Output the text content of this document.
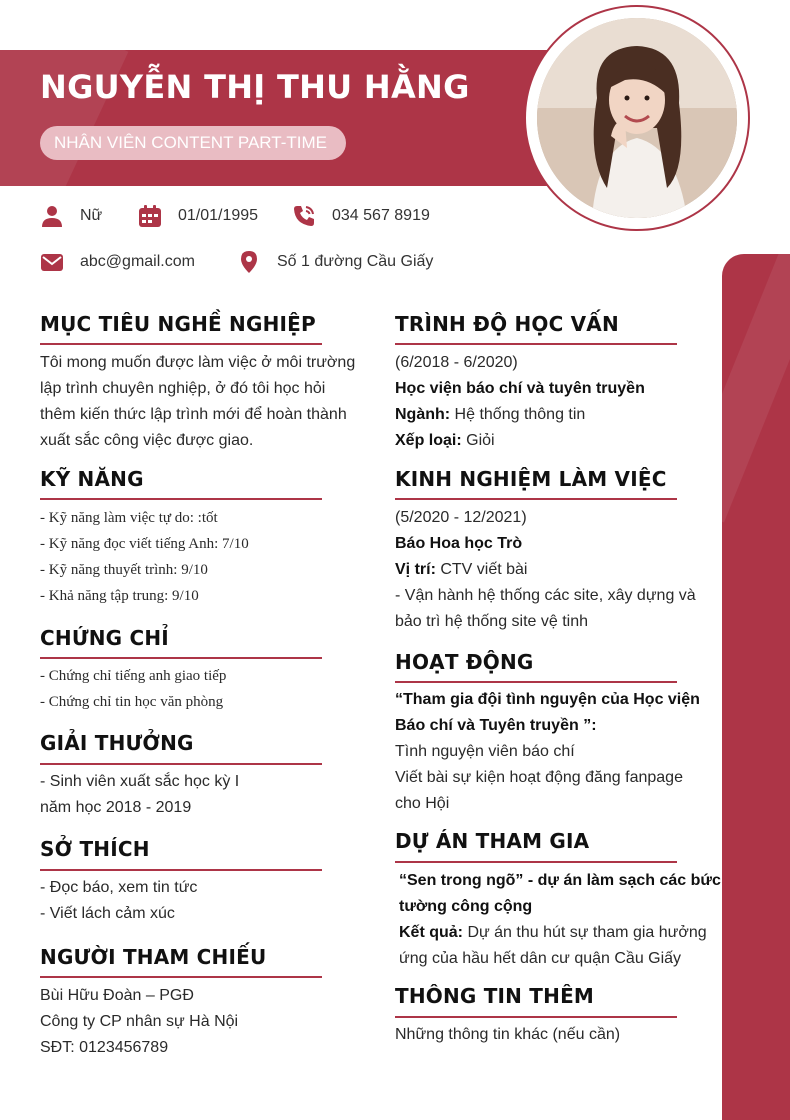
NGUYỄN THỊ THU HẰNG
NHÂN VIÊN CONTENT PART-TIME
Nữ	01/01/1995	034 567 8919
abc@gmail.com	Số 1 đường Cầu Giấy
MỤC TIÊU NGHỀ NGHIỆP
Tôi mong muốn được làm việc ở môi trường
lập trình chuyên nghiệp, ở đó tôi học hỏi
thêm kiến thức lập trình mới để hoàn thành
xuất sắc công việc được giao.
KỸ NĂNG
- Kỹ năng làm việc tự do: :tốt
- Kỹ năng đọc viết tiếng Anh: 7/10
- Kỹ năng thuyết trình: 9/10
- Khả năng tập trung: 9/10
CHỨNG CHỈ
- Chứng chỉ tiếng anh giao tiếp
- Chứng chỉ tin học văn phòng
GIẢI THƯỞNG
- Sinh viên xuất sắc học kỳ I
năm học 2018 - 2019
SỞ THÍCH
- Đọc báo, xem tin tức
- Viết lách cảm xúc
NGƯỜI THAM CHIẾU
Bùi Hữu Đoàn – PGĐ
Công ty CP nhân sự Hà Nội
SĐT: 0123456789
TRÌNH ĐỘ HỌC VẤN
(6/2018 - 6/2020)
Học viện báo chí và tuyên truyền
Ngành: Hệ thống thông tin
Xếp loại: Giỏi
KINH NGHIỆM LÀM VIỆC
(5/2020 - 12/2021)
Báo Hoa học Trò
Vị trí: CTV viết bài
- Vận hành hệ thống các site, xây dựng và
bảo trì hệ thống site vệ tinh
HOẠT ĐỘNG
“Tham gia đội tình nguyện của Học viện
Báo chí và Tuyên truyền ”:
Tình nguyện viên báo chí
Viết bài sự kiện hoạt động đăng fanpage
cho Hội
DỰ ÁN THAM GIA
“Sen trong ngõ” - dự án làm sạch các bức
tường công cộng
Kết quả: Dự án thu hút sự tham gia hưởng
ứng của hầu hết dân cư quận Cầu Giấy
THÔNG TIN THÊM
Những thông tin khác (nếu cần)
